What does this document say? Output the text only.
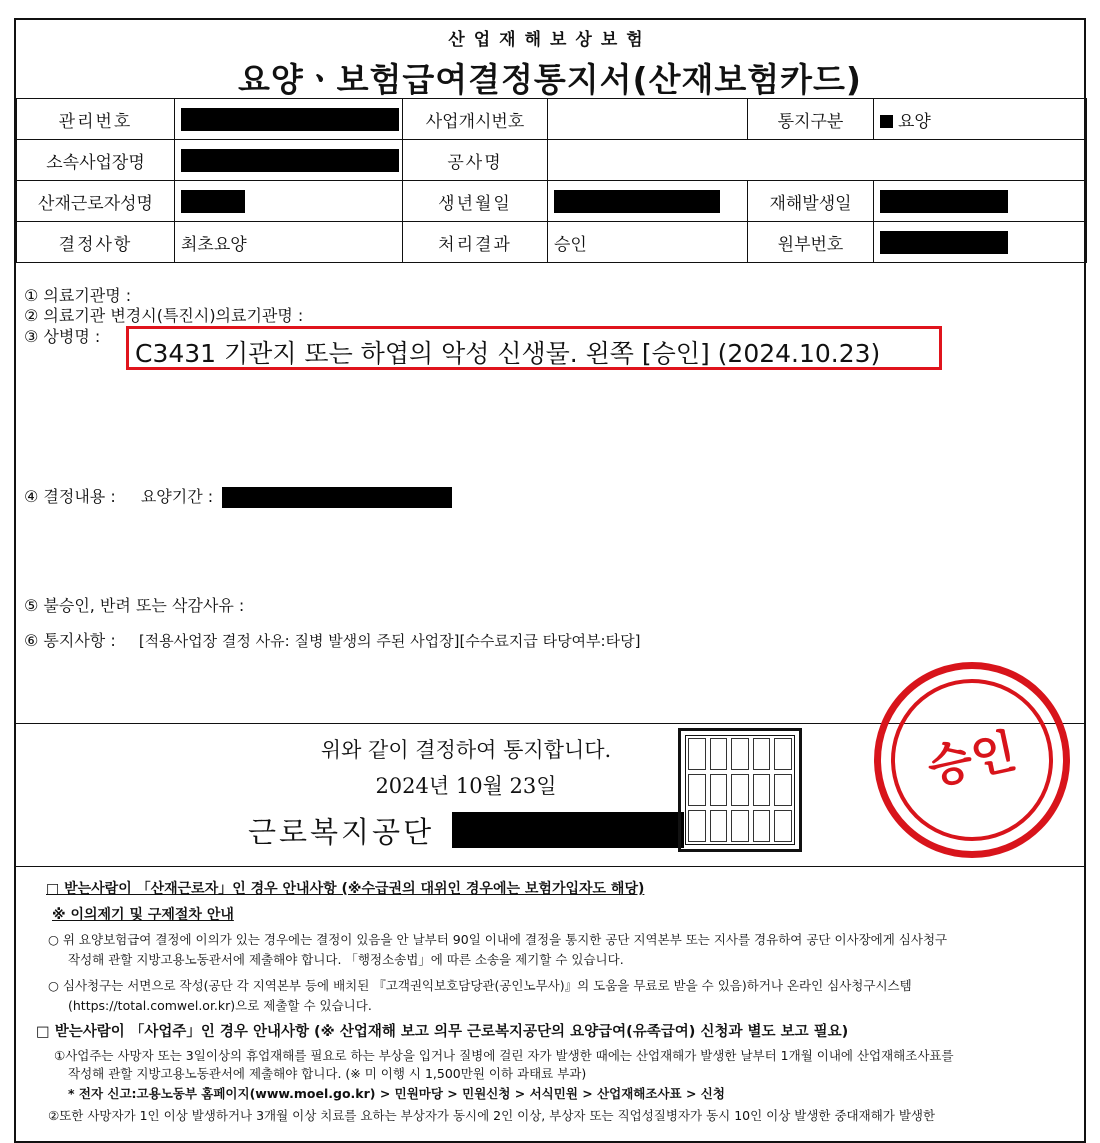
산업재해보상보험
요양ㆍ보험급여결정통지서(산재보험카드)
관리번호		사업개시번호		통지구분	요양
소속사업장명		공사명			
산재근로자성명		생년월일		재해발생일	
결정사항	최초요양	처리결과	승인	원부번호	
① 의료기관명 :
② 의료기관 변경시(특진시)의료기관명 :
③ 상병명 :
C3431 기관지 또는 하엽의 악성 신생물. 왼쪽 [승인] (2024.10.23)
④ 결정내용 : 요양기간 :
⑤ 불승인, 반려 또는 삭감사유 :
⑥ 통지사항 : [적용사업장 결정 사유: 질병 발생의 주된 사업장][수수료지급 타당여부:타당]
승인
위와 같이 결정하여 통지합니다.
2024년 10월 23일
근로복지공단
□ 받는사람이 「산재근로자」인 경우 안내사항 (※수급권의 대위인 경우에는 보험가입자도 해당)
※ 이의제기 및 구제절차 안내
○ 위 요양보험급여 결정에 이의가 있는 경우에는 결정이 있음을 안 날부터 90일 이내에 결정을 통지한 공단 지역본부 또는 지사를 경유하여 공단 이사장에게 심사청구
작성해 관할 지방고용노동관서에 제출해야 합니다. 「행정소송법」에 따른 소송을 제기할 수 있습니다.
○ 심사청구는 서면으로 작성(공단 각 지역본부 등에 배치된 『고객권익보호담당관(공인노무사)』의 도움을 무료로 받을 수 있음)하거나 온라인 심사청구시스템
(https://total.comwel.or.kr)으로 제출할 수 있습니다.
□ 받는사람이 「사업주」인 경우 안내사항 (※ 산업재해 보고 의무 근로복지공단의 요양급여(유족급여) 신청과 별도 보고 필요)
①사업주는 사망자 또는 3일이상의 휴업재해를 필요로 하는 부상을 입거나 질병에 걸린 자가 발생한 때에는 산업재해가 발생한 날부터 1개월 이내에 산업재해조사표를
작성해 관할 지방고용노동관서에 제출해야 합니다. (※ 미 이행 시 1,500만원 이하 과태료 부과)
* 전자 신고:고용노동부 홈페이지(www.moel.go.kr) > 민원마당 > 민원신청 > 서식민원 > 산업재해조사표 > 신청
②또한 사망자가 1인 이상 발생하거나 3개월 이상 치료를 요하는 부상자가 동시에 2인 이상, 부상자 또는 직업성질병자가 동시 10인 이상 발생한 중대재해가 발생한
